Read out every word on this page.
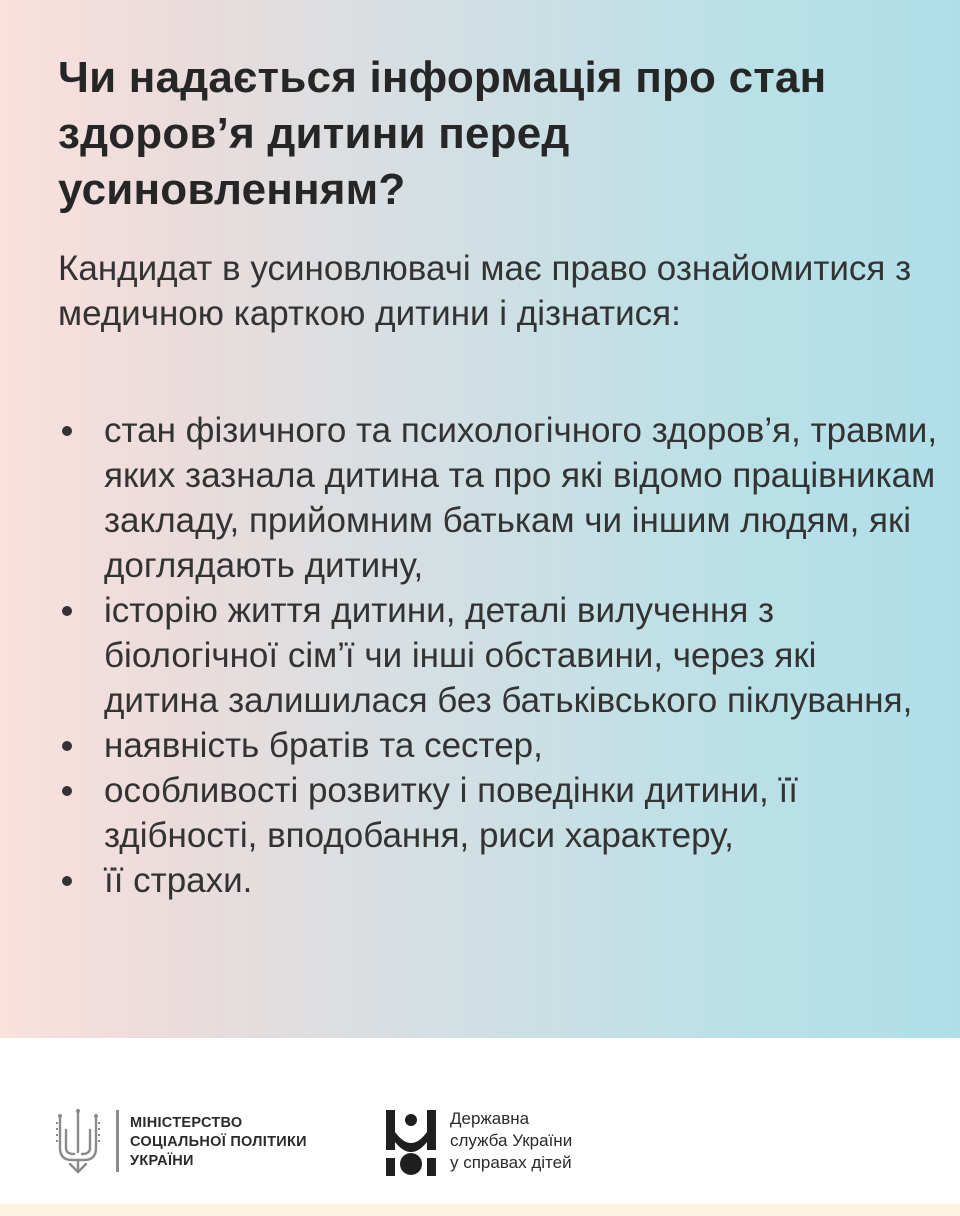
Чи надається інформація про стан здоров’я дитини перед усиновленням?

Кандидат в усиновлювачі має право ознайомитися з медичною карткою дитини і дізнатися:

стан фізичного та психологічного здоров’я, травми, яких зазнала дитина та про які відомо працівникам закладу, прийомним батькам чи іншим людям, які доглядають дитину,
історію життя дитини, деталі вилучення з біологічної сім’ї чи інші обставини, через які дитина залишилася без батьківського піклування,
наявність братів та сестер,
особливості розвитку і поведінки дитини, її здібності, вподобання, риси характеру,
її страхи.
МІНІСТЕРСТВО
СОЦІАЛЬНОЇ ПОЛІТИКИ
УКРАЇНИ
Державна
служба України
у справах дітей
